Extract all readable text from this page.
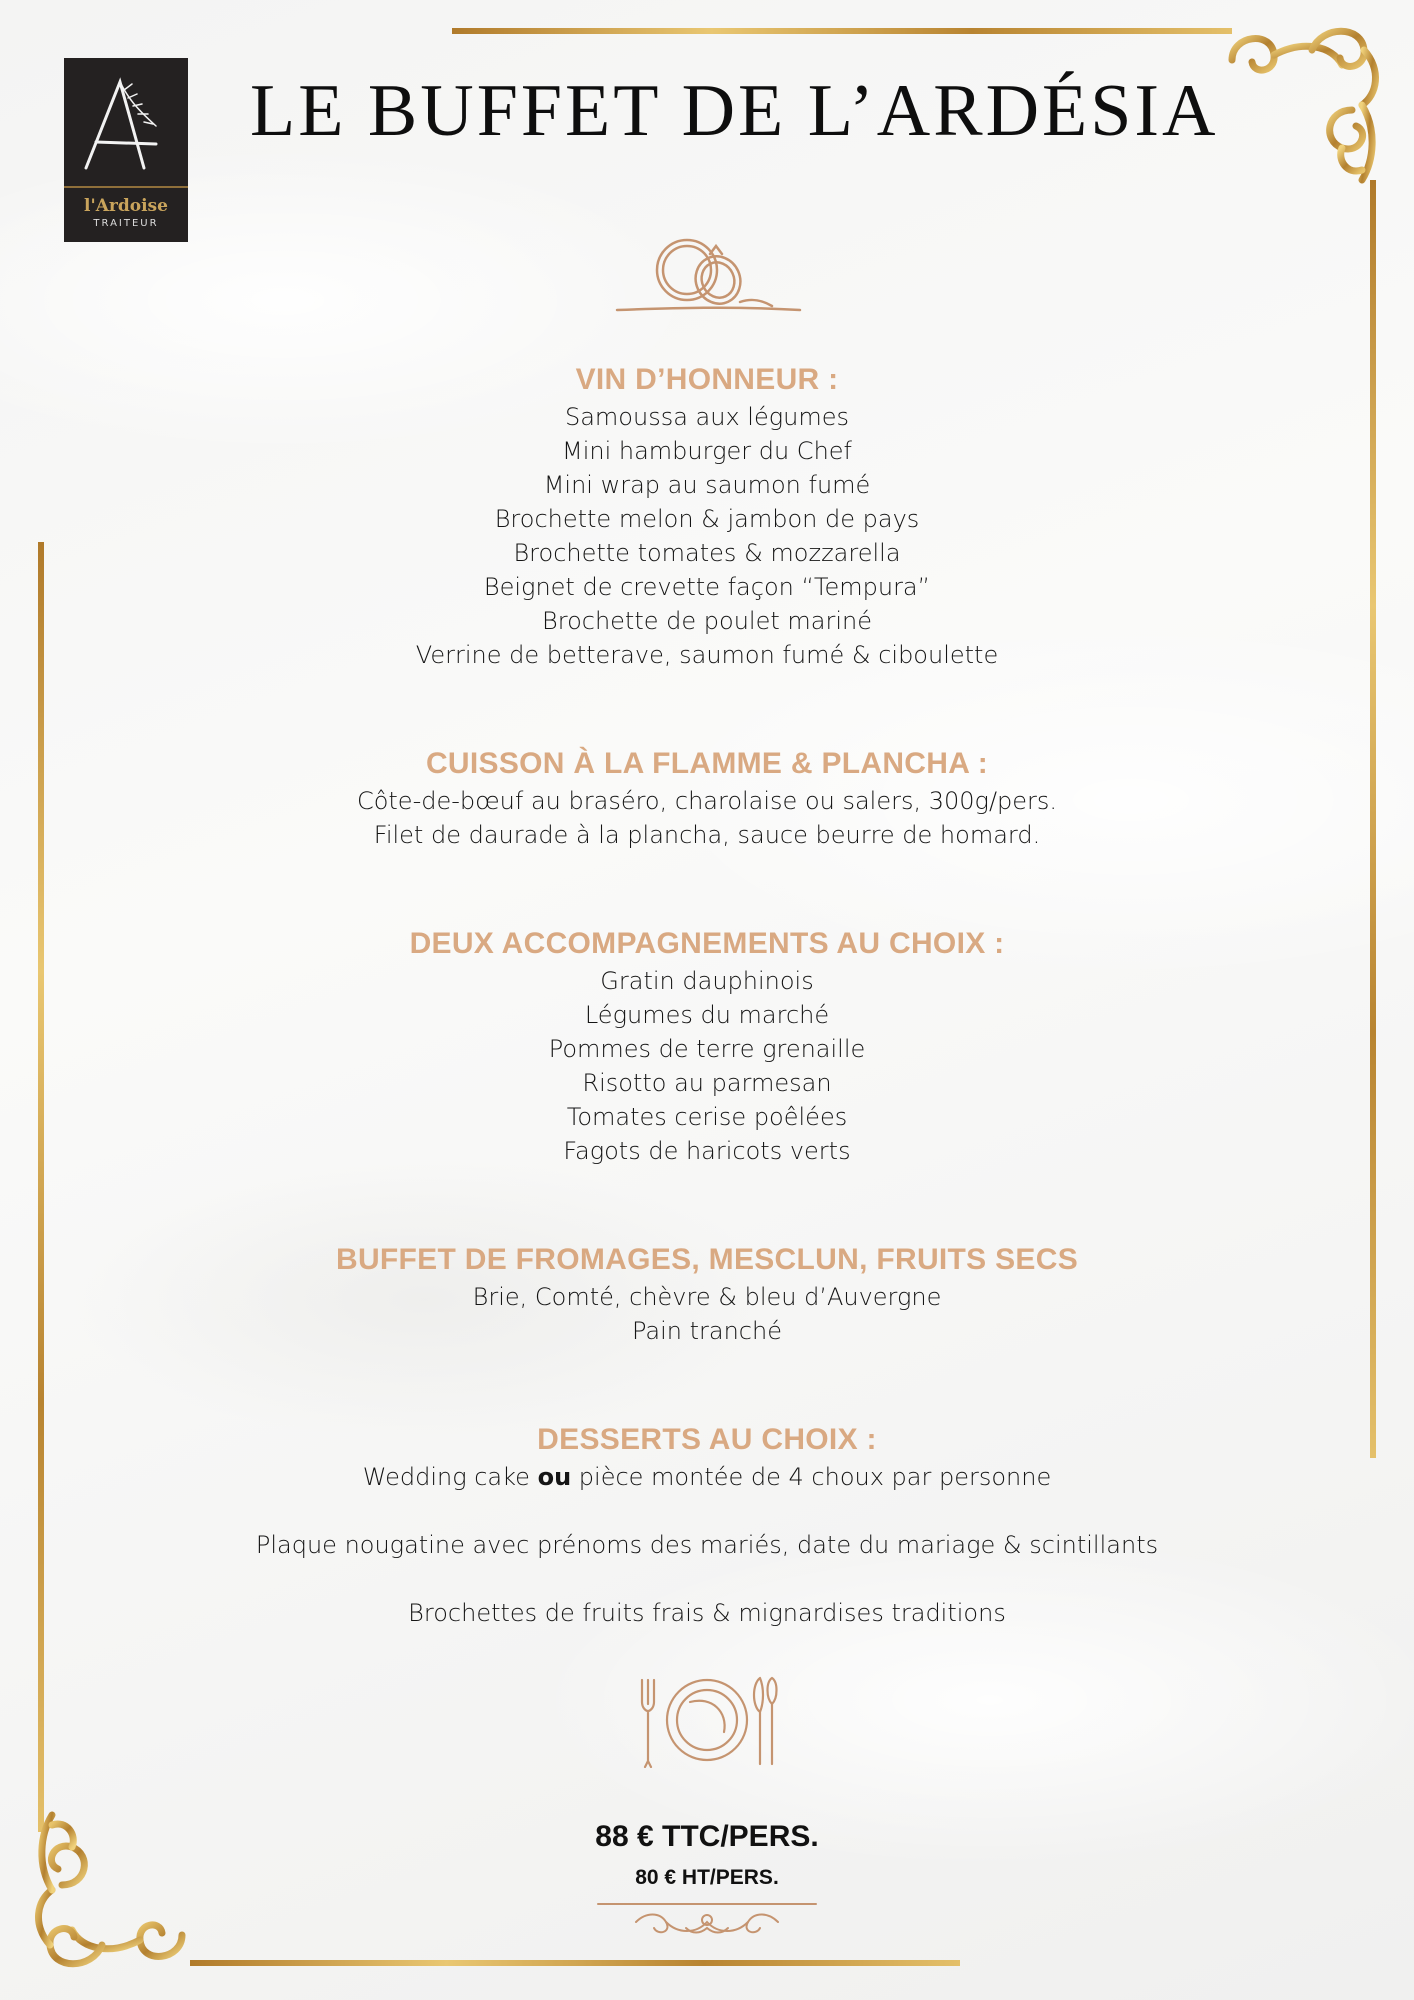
l'Ardoise
TRAITEUR
LE BUFFET DE L’ARDÉSIA
VIN D’HONNEUR :
Samoussa aux légumes
Mini hamburger du Chef
Mini wrap au saumon fumé
Brochette melon & jambon de pays
Brochette tomates & mozzarella
Beignet de crevette façon “Tempura”
Brochette de poulet mariné
Verrine de betterave, saumon fumé & ciboulette
CUISSON À LA FLAMME & PLANCHA :
Côte-de-bœuf au braséro, charolaise ou salers, 300g/pers.
Filet de daurade à la plancha, sauce beurre de homard.
DEUX ACCOMPAGNEMENTS AU CHOIX :
Gratin dauphinois
Légumes du marché
Pommes de terre grenaille
Risotto au parmesan
Tomates cerise poêlées
Fagots de haricots verts
BUFFET DE FROMAGES, MESCLUN, FRUITS SECS
Brie, Comté, chèvre & bleu d’Auvergne
Pain tranché
DESSERTS AU CHOIX :
Wedding cake ou pièce montée de 4 choux par personne
Plaque nougatine avec prénoms des mariés, date du mariage & scintillants
Brochettes de fruits frais & mignardises traditions
88 € TTC/PERS.
80 € HT/PERS.
